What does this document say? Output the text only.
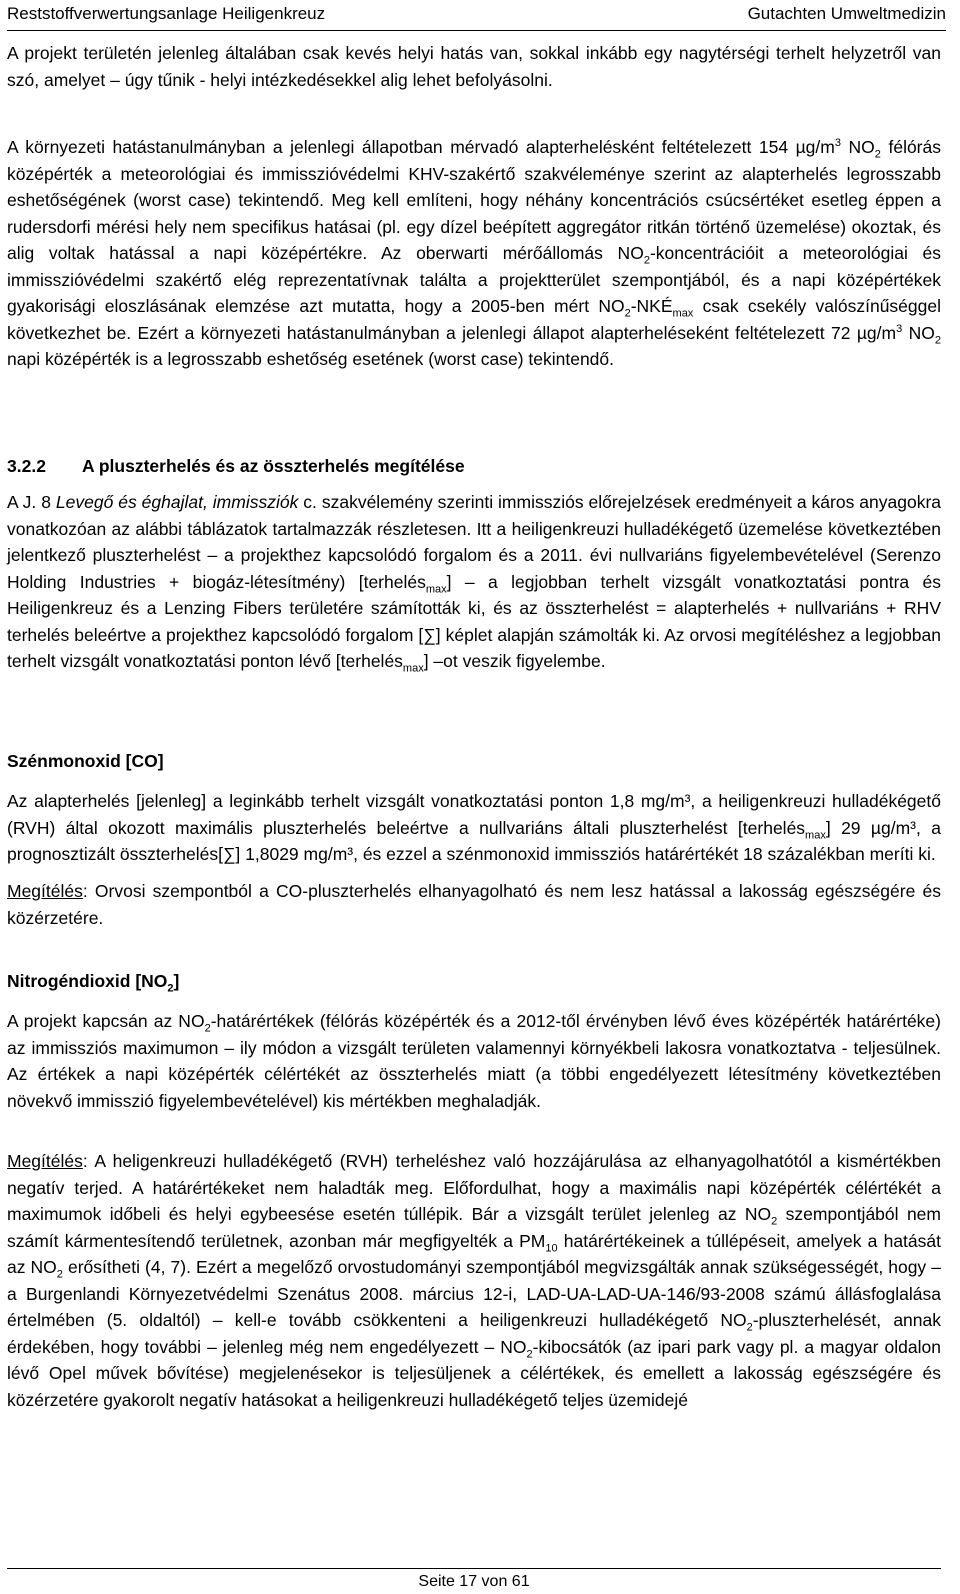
Reststoffverwertungsanlage Heiligenkreuz	Gutachten Umweltmedizin

A projekt területén jelenleg általában csak kevés helyi hatás van, sokkal inkább egy nagytérségi terhelt helyzetről van szó, amelyet – úgy tűnik - helyi intézkedésekkel alig lehet befolyásolni.

A környezeti hatástanulmányban a jelenlegi állapotban mérvadó alapterhelésként feltételezett 154 $\mu g/m^3$ $NO_2$ félórás középérték a meteorológiai és immisszióvédelmi KHV-szakértő szakvéleménye szerint az alapterhelés legrosszabb eshetőségének (worst case) tekintendő. Meg kell említeni, hogy néhány koncentrációs csúcsértéket esetleg éppen a rudersdorfi mérési hely nem specifikus hatásai (pl. egy dízel beépített aggregátor ritkán történő üzemelése) okoztak, és alig voltak hatással a napi középértékre. Az oberwarti mérőállomás $NO_2$-koncentrációit a meteorológiai és immisszióvédelmi szakértő elég reprezentatívnak találta a projektterület szempontjából, és a napi középértékek gyakorisági eloszlásának elemzése azt mutatta, hogy a 2005-ben mért $NO_2-NKÉ_{max}$ csak csekély valószínűséggel következhet be. Ezért a környezeti hatástanulmányban a jelenlegi állapot alapterheléseként feltételezett 72 $\mu g/m^3$ $NO_2$ napi középérték is a legrosszabb eshetőség esetének (worst case) tekintendő.

3.2.2 A pluszterhelés és az összterhelés megítélése

A J. 8 Levegő és éghajlat, immissziók c. szakvélemény szerinti immissziós előrejelzések eredményeit a káros anyagokra vonatkozóan az alábbi táblázatok tartalmazzák részletesen. Itt a heiligenkreuzi hulladékégető üzemelése következtében jelentkező pluszterhelést – a projekthez kapcsolódó forgalom és a 2011. évi nullvariáns figyelembevételével (Serenzo Holding Industries + biogáz-létesítmény) [terhelés$_{max}$] – a legjobban terhelt vizsgált vonatkoztatási pontra és Heiligenkreuz és a Lenzing Fibers területére számították ki, és az összterhelést = alapterhelés + nullvariáns + RHV terhelés beleértve a projekthez kapcsolódó forgalom [∑] képlet alapján számolták ki. Az orvosi megítéléshez a legjobban terhelt vizsgált vonatkoztatási ponton lévő [terhelés$_{max}$] –ot veszik figyelembe.

Szénmonoxid [CO]

Az alapterhelés [jelenleg] a leginkább terhelt vizsgált vonatkoztatási ponton 1,8 mg/m³, a heiligenkreuzi hulladékégető (RVH) által okozott maximális pluszterhelés beleértve a nullvariáns általi pluszterhelést [terhelés$_{max}$] 29 µg/m³, a prognosztizált összterhelés[∑] 1,8029 mg/m³, és ezzel a szénmonoxid immissziós határértékét 18 százalékban meríti ki.

Megítélés: Orvosi szempontból a CO-pluszterhelés elhanyagolható és nem lesz hatással a lakosság egészségére és közérzetére.

Nitrogéndioxid $[NO_2]$

A projekt kapcsán az $NO_2$-határértékek (félórás középérték és a 2012-től érvényben lévő éves középérték határértéke) az immissziós maximumon – ily módon a vizsgált területen valamennyi környékbeli lakosra vonatkoztatva - teljesülnek. Az értékek a napi középérték célértékét az összterhelés miatt (a többi engedélyezett létesítmény következtében növekvő immisszió figyelembevételével) kis mértékben meghaladják.

Megítélés: A heligenkreuzi hulladékégető (RVH) terheléshez való hozzájárulása az elhanyagolhatótól a kismértékben negatív terjed. A határértékeket nem haladták meg. Előfordulhat, hogy a maximális napi középérték célértékét a maximumok időbeli és helyi egybeesése esetén túllépik. Bár a vizsgált terület jelenleg az $NO_2$ szempontjából nem számít kármentesítendő területnek, azonban már megfigyelték a $PM_{10}$ határértékeinek a túllépéseit, amelyek a hatását az $NO_2$ erősítheti (4, 7). Ezért a megelőző orvostudományi szempontjából megvizsgálták annak szükségességét, hogy – a Burgenlandi Környezetvédelmi Szenátus 2008. március 12-i, LAD-UA-LAD-UA-146/93-2008 számú állásfoglalása értelmében (5. oldaltól) – kell-e tovább csökkenteni a heiligenkreuzi hulladékégető $NO_2$-pluszterhelését, annak érdekében, hogy további – jelenleg még nem engedélyezett – $NO_2$-kibocsátók (az ipari park vagy pl. a magyar oldalon lévő Opel művek bővítése) megjelenésekor is teljesüljenek a célértékek, és emellett a lakosság egészségére és közérzetére gyakorolt negatív hatásokat a heiligenkreuzi hulladékégető teljes üzemidejé

Seite 17 von 61
